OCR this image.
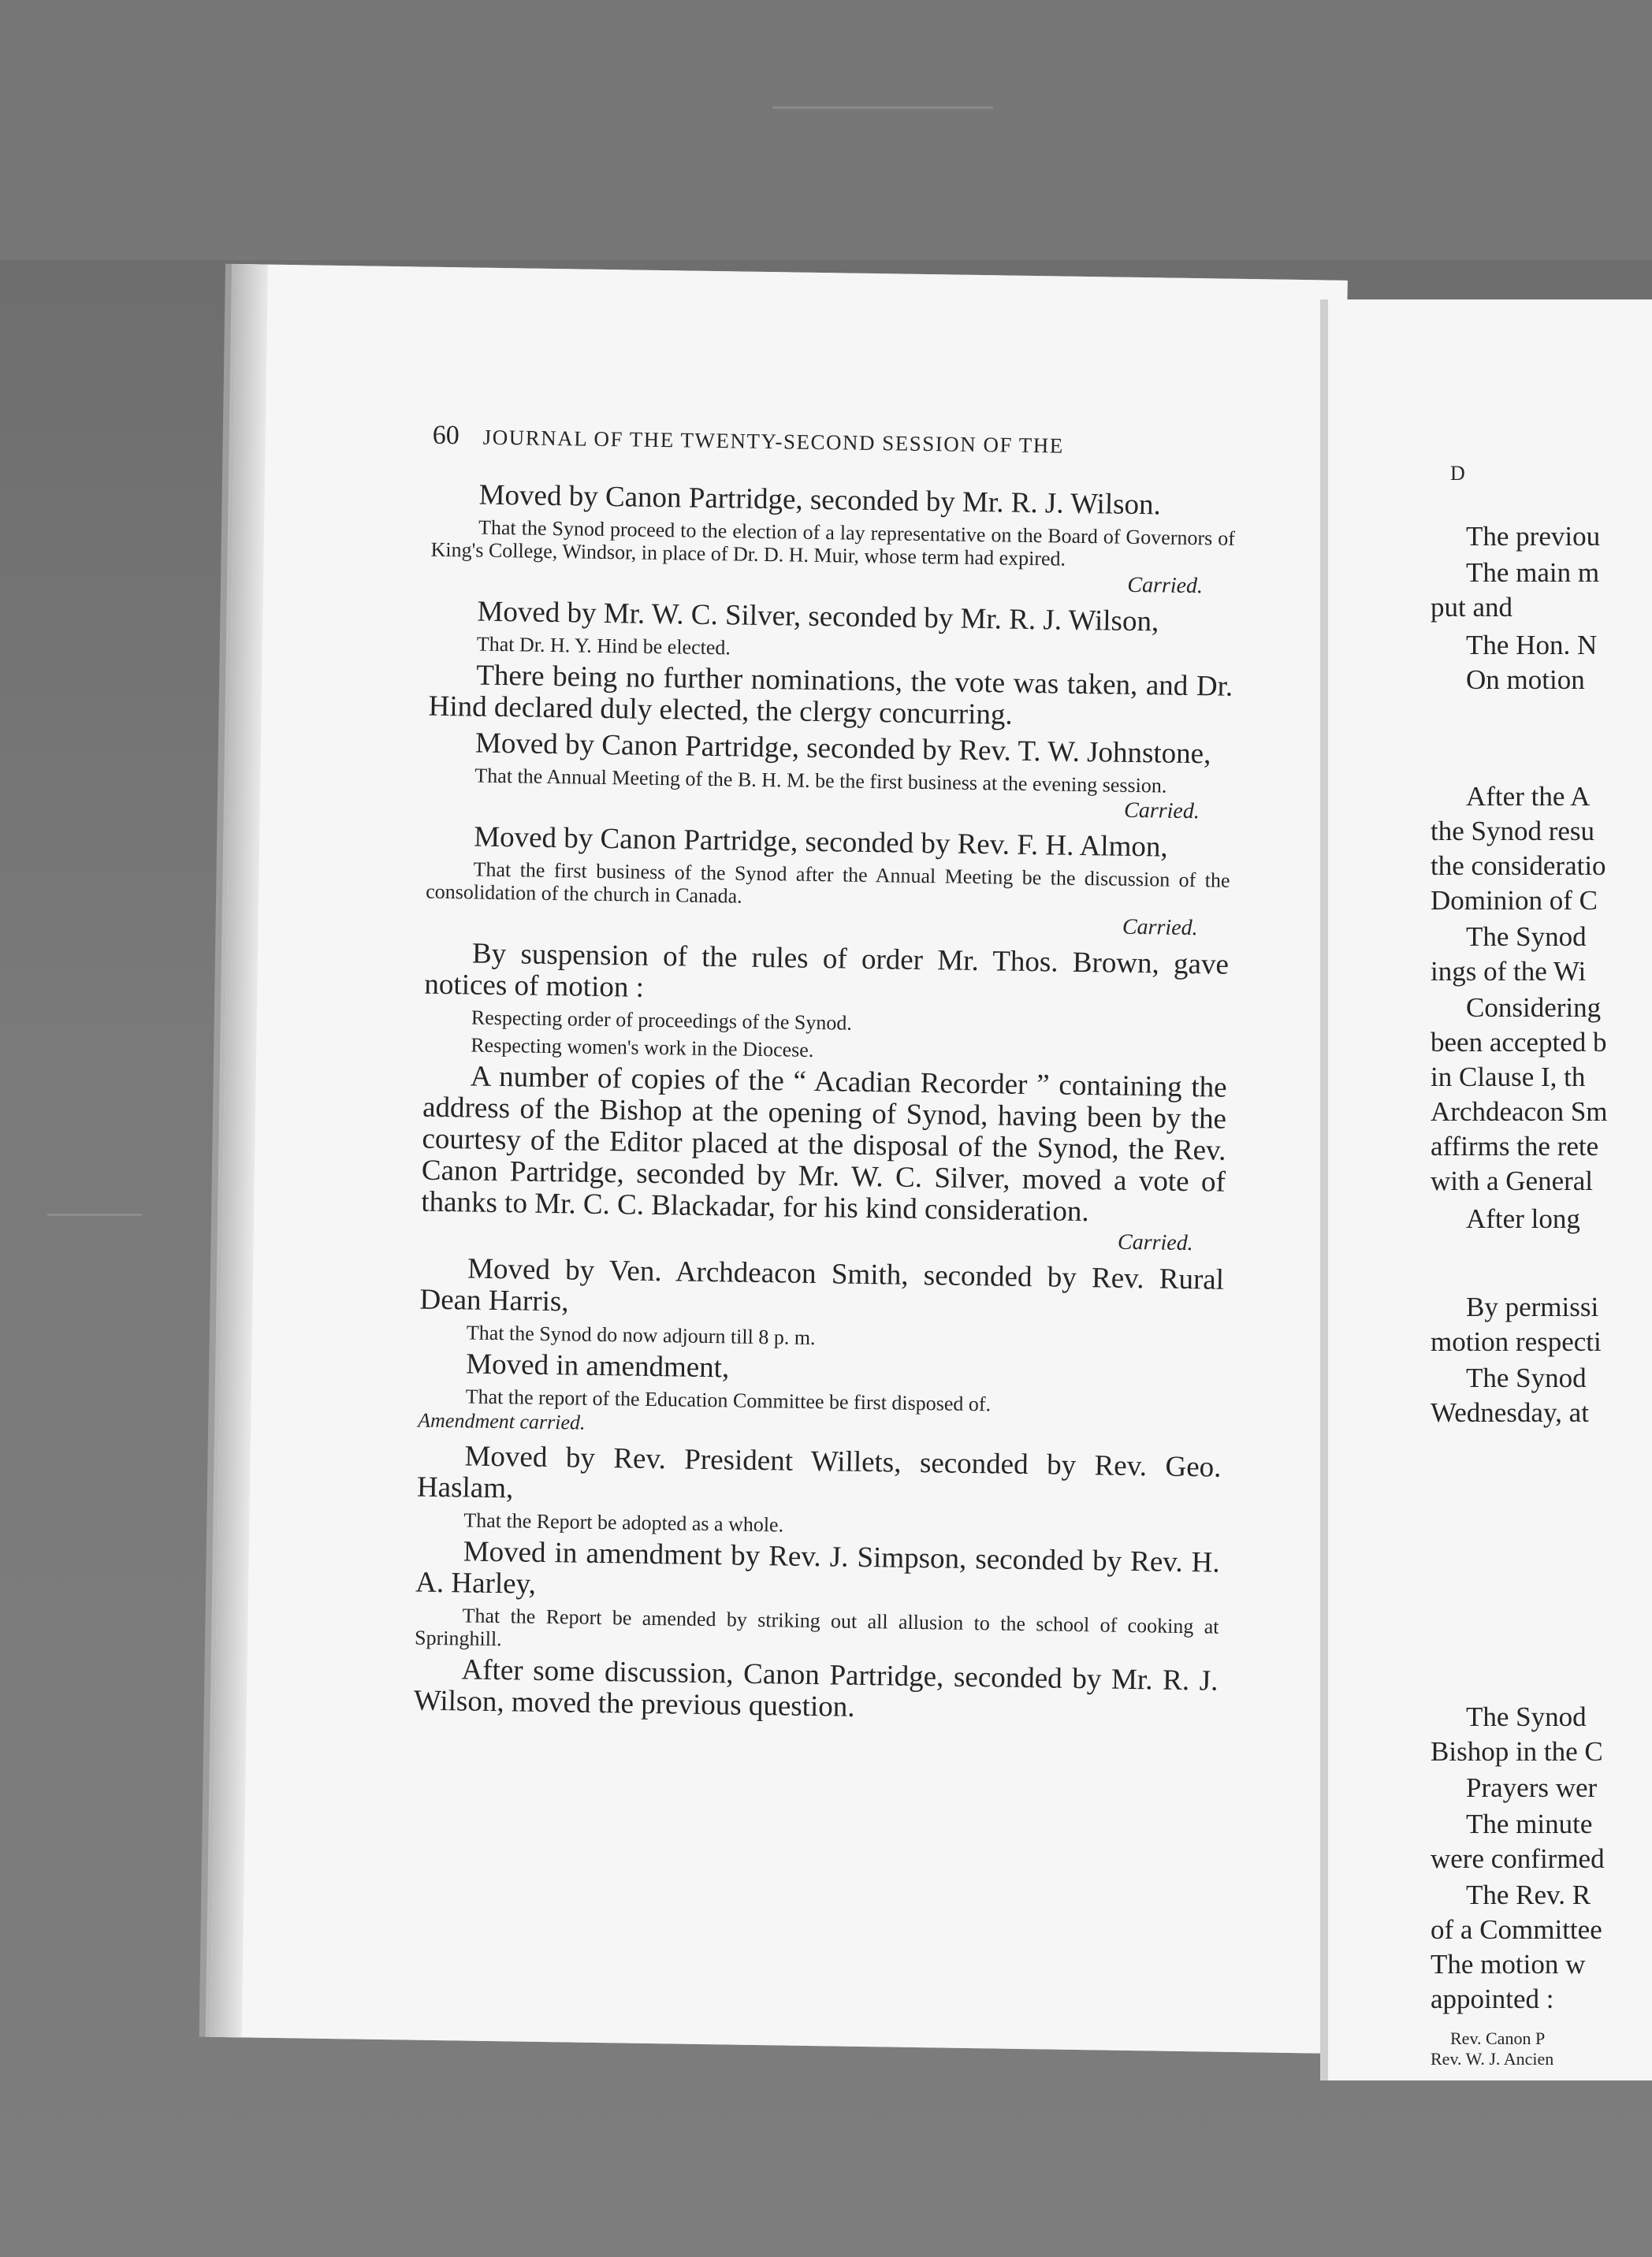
60 JOURNAL OF THE TWENTY-SECOND SESSION OF THE
Moved by Canon Partridge, seconded by Mr. R. J. Wilson.
That the Synod proceed to the election of a lay representative on the Board of Governors of King's College, Windsor, in place of Dr. D. H. Muir, whose term had expired.
Carried.
Moved by Mr. W. C. Silver, seconded by Mr. R. J. Wilson,
That Dr. H. Y. Hind be elected.
There being no further nominations, the vote was taken, and Dr. Hind declared duly elected, the clergy concurring.
Moved by Canon Partridge, seconded by Rev. T. W. Johnstone,
That the Annual Meeting of the B. H. M. be the first business at the evening session.
Carried.
Moved by Canon Partridge, seconded by Rev. F. H. Almon,
That the first business of the Synod after the Annual Meeting be the discussion of the consolidation of the church in Canada.
Carried.
By suspension of the rules of order Mr. Thos. Brown, gave notices of motion :
Respecting order of proceedings of the Synod.
Respecting women's work in the Diocese.
A number of copies of the “ Acadian Recorder ” containing the address of the Bishop at the opening of Synod, having been by the courtesy of the Editor placed at the disposal of the Synod, the Rev. Canon Partridge, seconded by Mr. W. C. Silver, moved a vote of thanks to Mr. C. C. Blackadar, for his kind consideration.
Carried.
Moved by Ven. Archdeacon Smith, seconded by Rev. Rural Dean Harris,
That the Synod do now adjourn till 8 p. m.
Moved in amendment,
That the report of the Education Committee be first disposed of.
Amendment carried.
Moved by Rev. President Willets, seconded by Rev. Geo. Haslam,
That the Report be adopted as a whole.
Moved in amendment by Rev. J. Simpson, seconded by Rev. H. A. Harley,
That the Report be amended by striking out all allusion to the school of cooking at Springhill.
After some discussion, Canon Partridge, seconded by Mr. R. J. Wilson, moved the previous question.
D
The previou
The main m
put and
The Hon. N
On motion
After the A
the Synod resu
the consideratio
Dominion of C
The Synod
ings of the Wi
Considering
been accepted b
in Clause I, th
Archdeacon Sm
affirms the rete
with a General
After long
By permissi
motion respecti
The Synod
Wednesday, at
The Synod
Bishop in the C
Prayers wer
The minute
were confirmed
The Rev. R
of a Committee
The motion w
appointed :
Rev. Canon P
Rev. W. J. Ancien
